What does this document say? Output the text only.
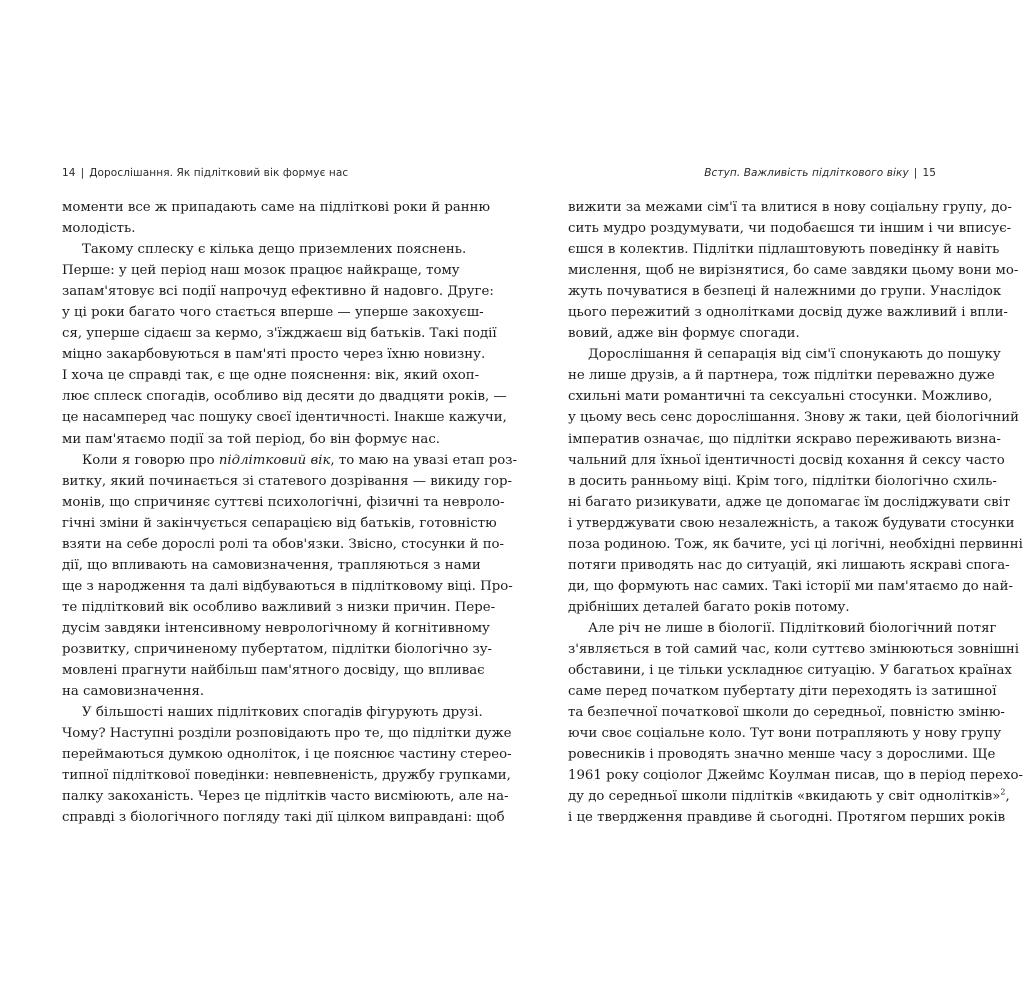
14 | Дорослішання. Як підлітковий вік формує нас
моменти все ж припадають саме на підліткові роки й ранню
молодість.
Такому сплеску є кілька дещо приземлених пояснень.
Перше: у цей період наш мозок працює найкраще, тому
запам'ятовує всі події напрочуд ефективно й надовго. Друге:
у ці роки багато чого стається вперше — уперше закохуєш-
ся, уперше сідаєш за кермо, з'їжджаєш від батьків. Такі події
міцно закарбовуються в пам'яті просто через їхню новизну.
І хоча це справді так, є ще одне пояснення: вік, який охоп-
лює сплеск спогадів, особливо від десяти до двадцяти років, —
це насамперед час пошуку своєї ідентичності. Інакше кажучи,
ми пам'ятаємо події за той період, бо він формує нас.
Коли я говорю про підлітковий вік, то маю на увазі етап роз-
витку, який починається зі статевого дозрівання — викиду гор-
монів, що спричиняє суттєві психологічні, фізичні та невроло-
гічні зміни й закінчується сепарацією від батьків, готовністю
взяти на себе дорослі ролі та обов'язки. Звісно, стосунки й по-
дії, що впливають на самовизначення, трапляються з нами
ще з народження та далі відбуваються в підлітковому віці. Про-
те підлітковий вік особливо важливий з низки причин. Пере-
дусім завдяки інтенсивному неврологічному й когнітивному
розвитку, спричиненому пубертатом, підлітки біологічно зу-
мовлені прагнути найбільш пам'ятного досвіду, що впливає
на самовизначення.
У більшості наших підліткових спогадів фігурують друзі.
Чому? Наступні розділи розповідають про те, що підлітки дуже
переймаються думкою одноліток, і це пояснює частину стерео-
типної підліткової поведінки: невпевненість, дружбу групками,
палку закоханість. Через це підлітків часто висміюють, але на-
справді з біологічного погляду такі дії цілком виправдані: щоб
Вступ. Важливість підліткового віку | 15
вижити за межами сім'ї та влитися в нову соціальну групу, до-
сить мудро роздумувати, чи подобаєшся ти іншим і чи вписує-
єшся в колектив. Підлітки підлаштовують поведінку й навіть
мислення, щоб не вирізнятися, бо саме завдяки цьому вони мо-
жуть почуватися в безпеці й належними до групи. Унаслідок
цього пережитий з однолітками досвід дуже важливий і впли-
вовий, адже він формує спогади.
Дорослішання й сепарація від сім'ї спонукають до пошуку
не лише друзів, а й партнера, тож підлітки переважно дуже
схильні мати романтичні та сексуальні стосунки. Можливо,
у цьому весь сенс дорослішання. Знову ж таки, цей біологічний
імператив означає, що підлітки яскраво переживають визна-
чальний для їхньої ідентичності досвід кохання й сексу часто
в досить ранньому віці. Крім того, підлітки біологічно схиль-
ні багато ризикувати, адже це допомагає їм досліджувати світ
і утверджувати свою незалежність, а також будувати стосунки
поза родиною. Тож, як бачите, усі ці логічні, необхідні первинні
потяги приводять нас до ситуацій, які лишають яскраві спога-
ди, що формують нас самих. Такі історії ми пам'ятаємо до най-
дрібніших деталей багато років потому.
Але річ не лише в біології. Підлітковий біологічний потяг
з'являється в той самий час, коли суттєво змінюються зовнішні
обставини, і це тільки ускладнює ситуацію. У багатьох країнах
саме перед початком пубертату діти переходять із затишної
та безпечної початкової школи до середньої, повністю зміню-
ючи своє соціальне коло. Тут вони потрапляють у нову групу
ровесників і проводять значно менше часу з дорослими. Ще
1961 року соціолог Джеймс Коулман писав, що в період перехо-
ду до середньої школи підлітків «вкидають у світ однолітків»$^2$,
і це твердження правдиве й сьогодні. Протягом перших років
